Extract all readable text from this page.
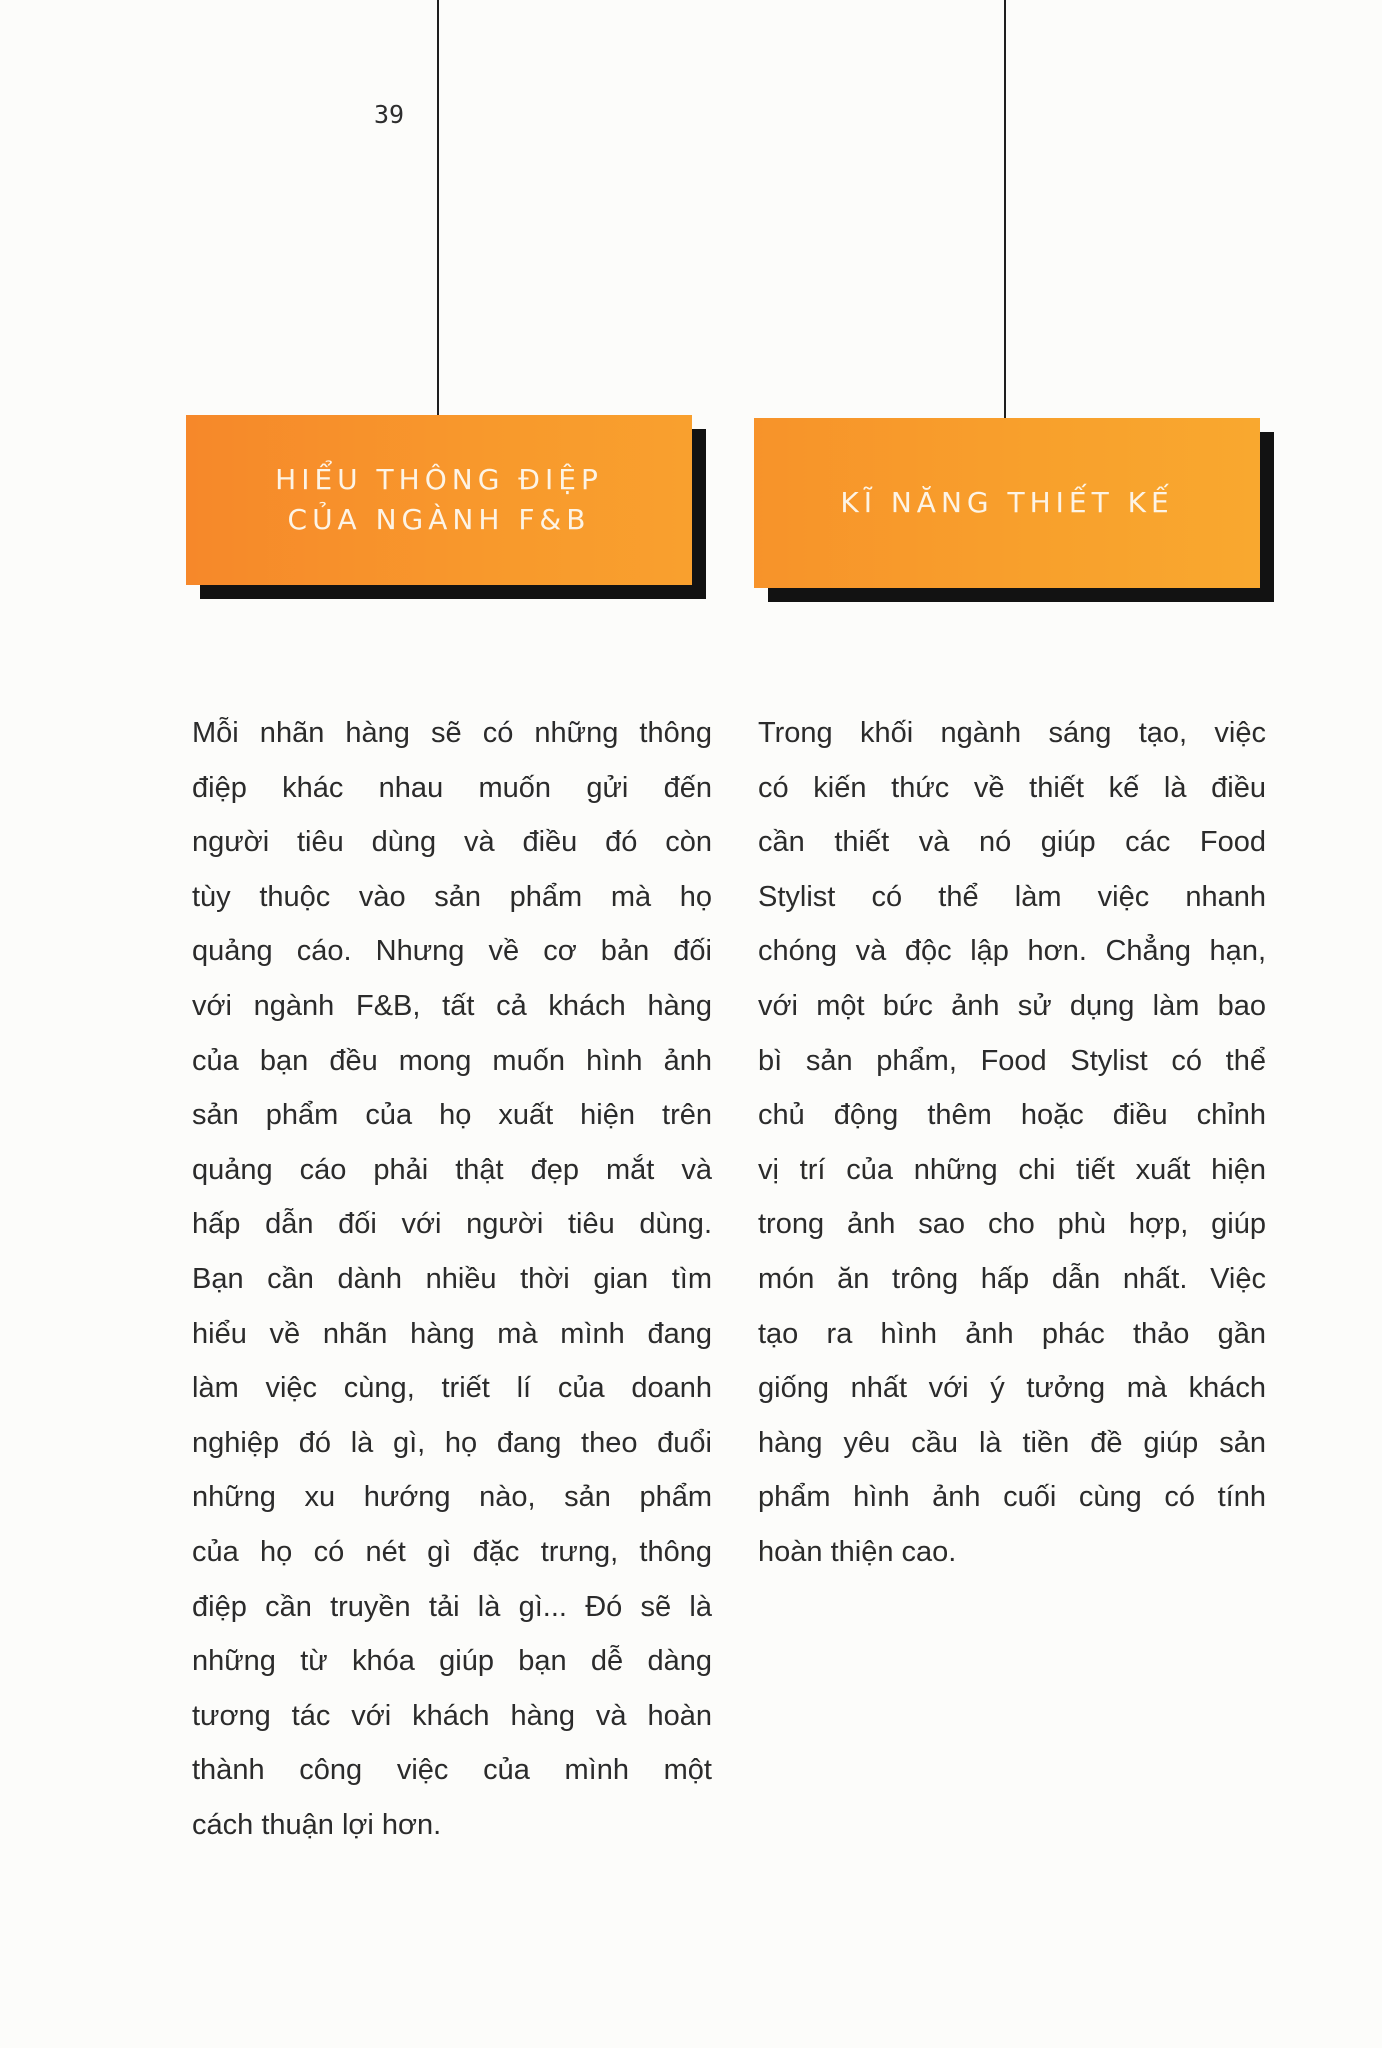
39
HIỂU THÔNG ĐIỆP
CỦA NGÀNH F&B
KĨ NĂNG THIẾT KẾ
Mỗi nhãn hàng sẽ có những thông
điệp khác nhau muốn gửi đến
người tiêu dùng và điều đó còn
tùy thuộc vào sản phẩm mà họ
quảng cáo. Nhưng về cơ bản đối
với ngành F&B, tất cả khách hàng
của bạn đều mong muốn hình ảnh
sản phẩm của họ xuất hiện trên
quảng cáo phải thật đẹp mắt và
hấp dẫn đối với người tiêu dùng.
Bạn cần dành nhiều thời gian tìm
hiểu về nhãn hàng mà mình đang
làm việc cùng, triết lí của doanh
nghiệp đó là gì, họ đang theo đuổi
những xu hướng nào, sản phẩm
của họ có nét gì đặc trưng, thông
điệp cần truyền tải là gì... Đó sẽ là
những từ khóa giúp bạn dễ dàng
tương tác với khách hàng và hoàn
thành công việc của mình một
cách thuận lợi hơn.
Trong khối ngành sáng tạo, việc
có kiến thức về thiết kế là điều
cần thiết và nó giúp các Food
Stylist có thể làm việc nhanh
chóng và độc lập hơn. Chẳng hạn,
với một bức ảnh sử dụng làm bao
bì sản phẩm, Food Stylist có thể
chủ động thêm hoặc điều chỉnh
vị trí của những chi tiết xuất hiện
trong ảnh sao cho phù hợp, giúp
món ăn trông hấp dẫn nhất. Việc
tạo ra hình ảnh phác thảo gần
giống nhất với ý tưởng mà khách
hàng yêu cầu là tiền đề giúp sản
phẩm hình ảnh cuối cùng có tính
hoàn thiện cao.
